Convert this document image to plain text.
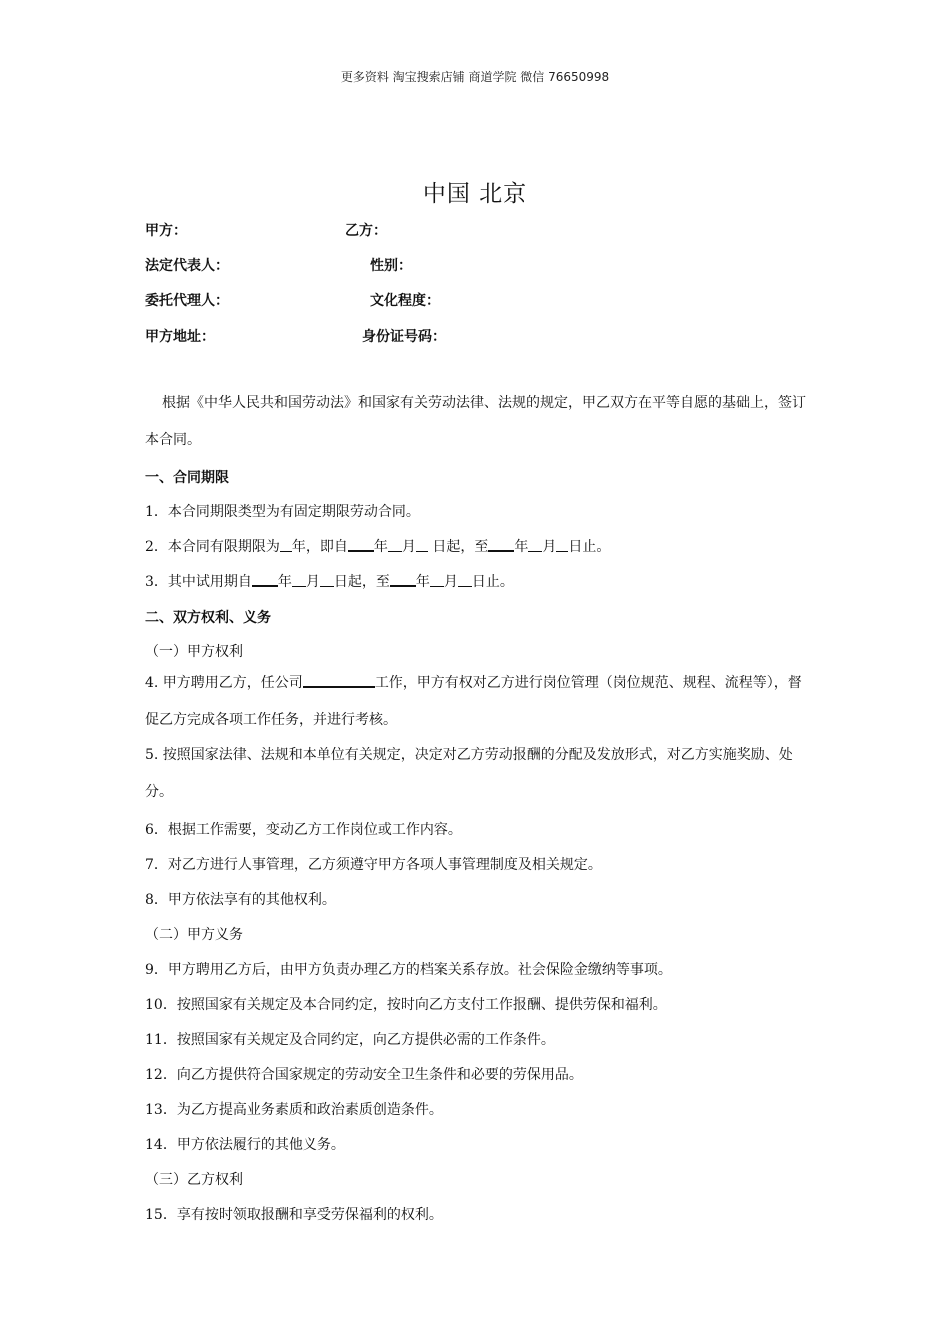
更多资料 淘宝搜索店铺 商道学院 微信 76650998
中国 北京
甲方：	乙方：
法定代表人：	性别：
委托代理人：	文化程度：
甲方地址：	身份证号码：
根据《中华人民共和国劳动法》和国家有关劳动法律、法规的规定，甲乙双方在平等自愿的基础上，签订本合同。
一、合同期限
1．本合同期限类型为有固定期限劳动合同。
2．本合同有限期限为 年，即自 年 月 日起，至 年 月 日止。
3．其中试用期自 年 月 日起，至 年 月 日止。
二、双方权利、义务
（一）甲方权利
4. 甲方聘用乙方，任公司	工作，甲方有权对乙方进行岗位管理（岗位规范、规程、流程等），督促乙方完成各项工作任务，并进行考核。
5. 按照国家法律、法规和本单位有关规定，决定对乙方劳动报酬的分配及发放形式，对乙方实施奖励、处分。
6．根据工作需要，变动乙方工作岗位或工作内容。
7．对乙方进行人事管理，乙方须遵守甲方各项人事管理制度及相关规定。
8．甲方依法享有的其他权利。
（二）甲方义务
9．甲方聘用乙方后，由甲方负责办理乙方的档案关系存放。社会保险金缴纳等事项。
10．按照国家有关规定及本合同约定，按时向乙方支付工作报酬、提供劳保和福利。
11．按照国家有关规定及合同约定，向乙方提供必需的工作条件。
12．向乙方提供符合国家规定的劳动安全卫生条件和必要的劳保用品。
13．为乙方提高业务素质和政治素质创造条件。
14．甲方依法履行的其他义务。
（三）乙方权利
15．享有按时领取报酬和享受劳保福利的权利。
